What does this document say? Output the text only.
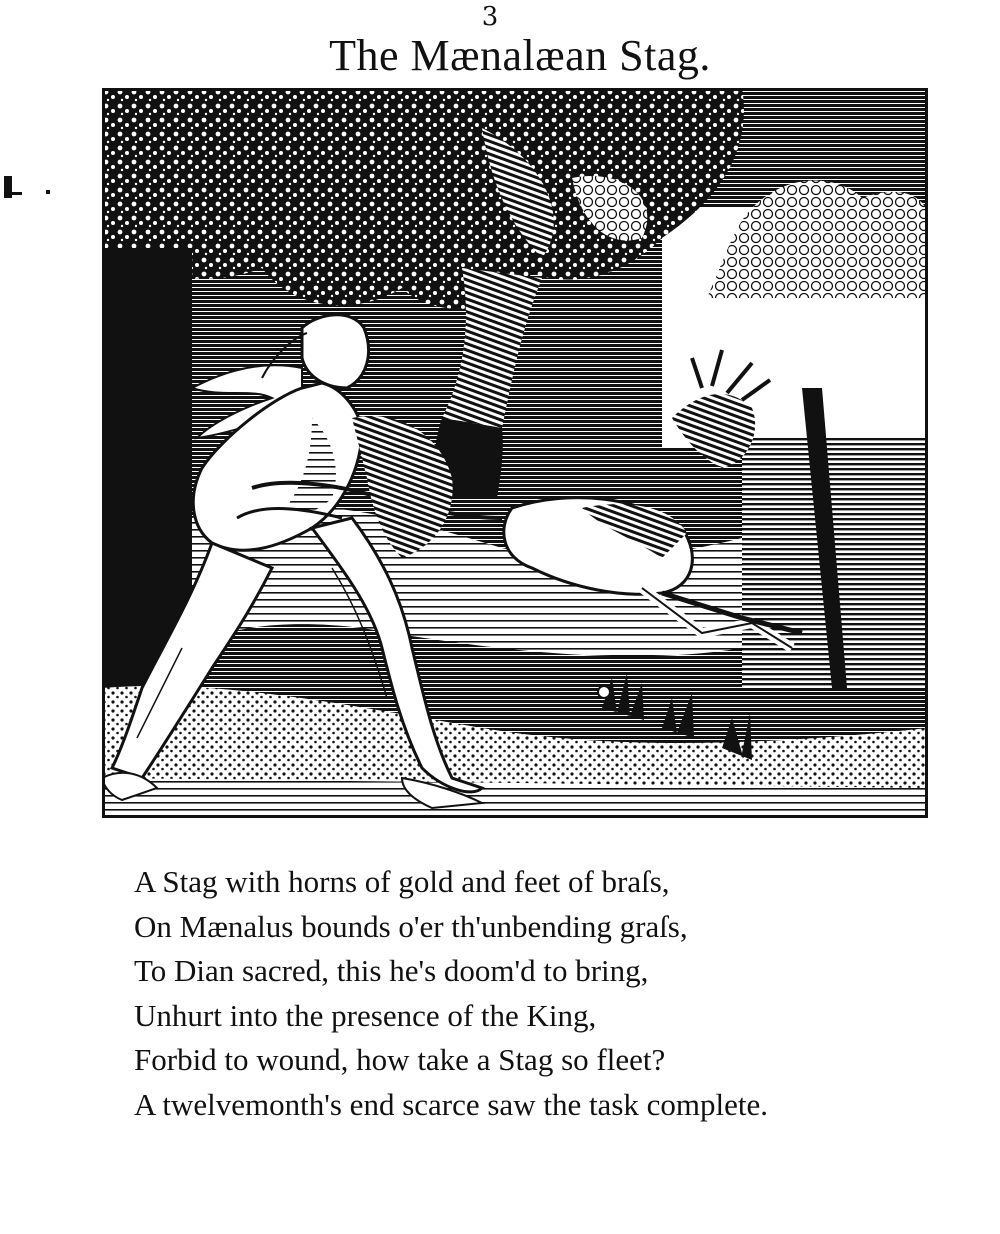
3
The Mænalæan Stag.
A Stag with horns of gold and feet of braſs,
On Mænalus bounds o'er th'unbending graſs,
To Dian sacred, this he's doom'd to bring,
Unhurt into the presence of the King,
Forbid to wound, how take a Stag so fleet?
A twelvemonth's end scarce saw the task complete.
